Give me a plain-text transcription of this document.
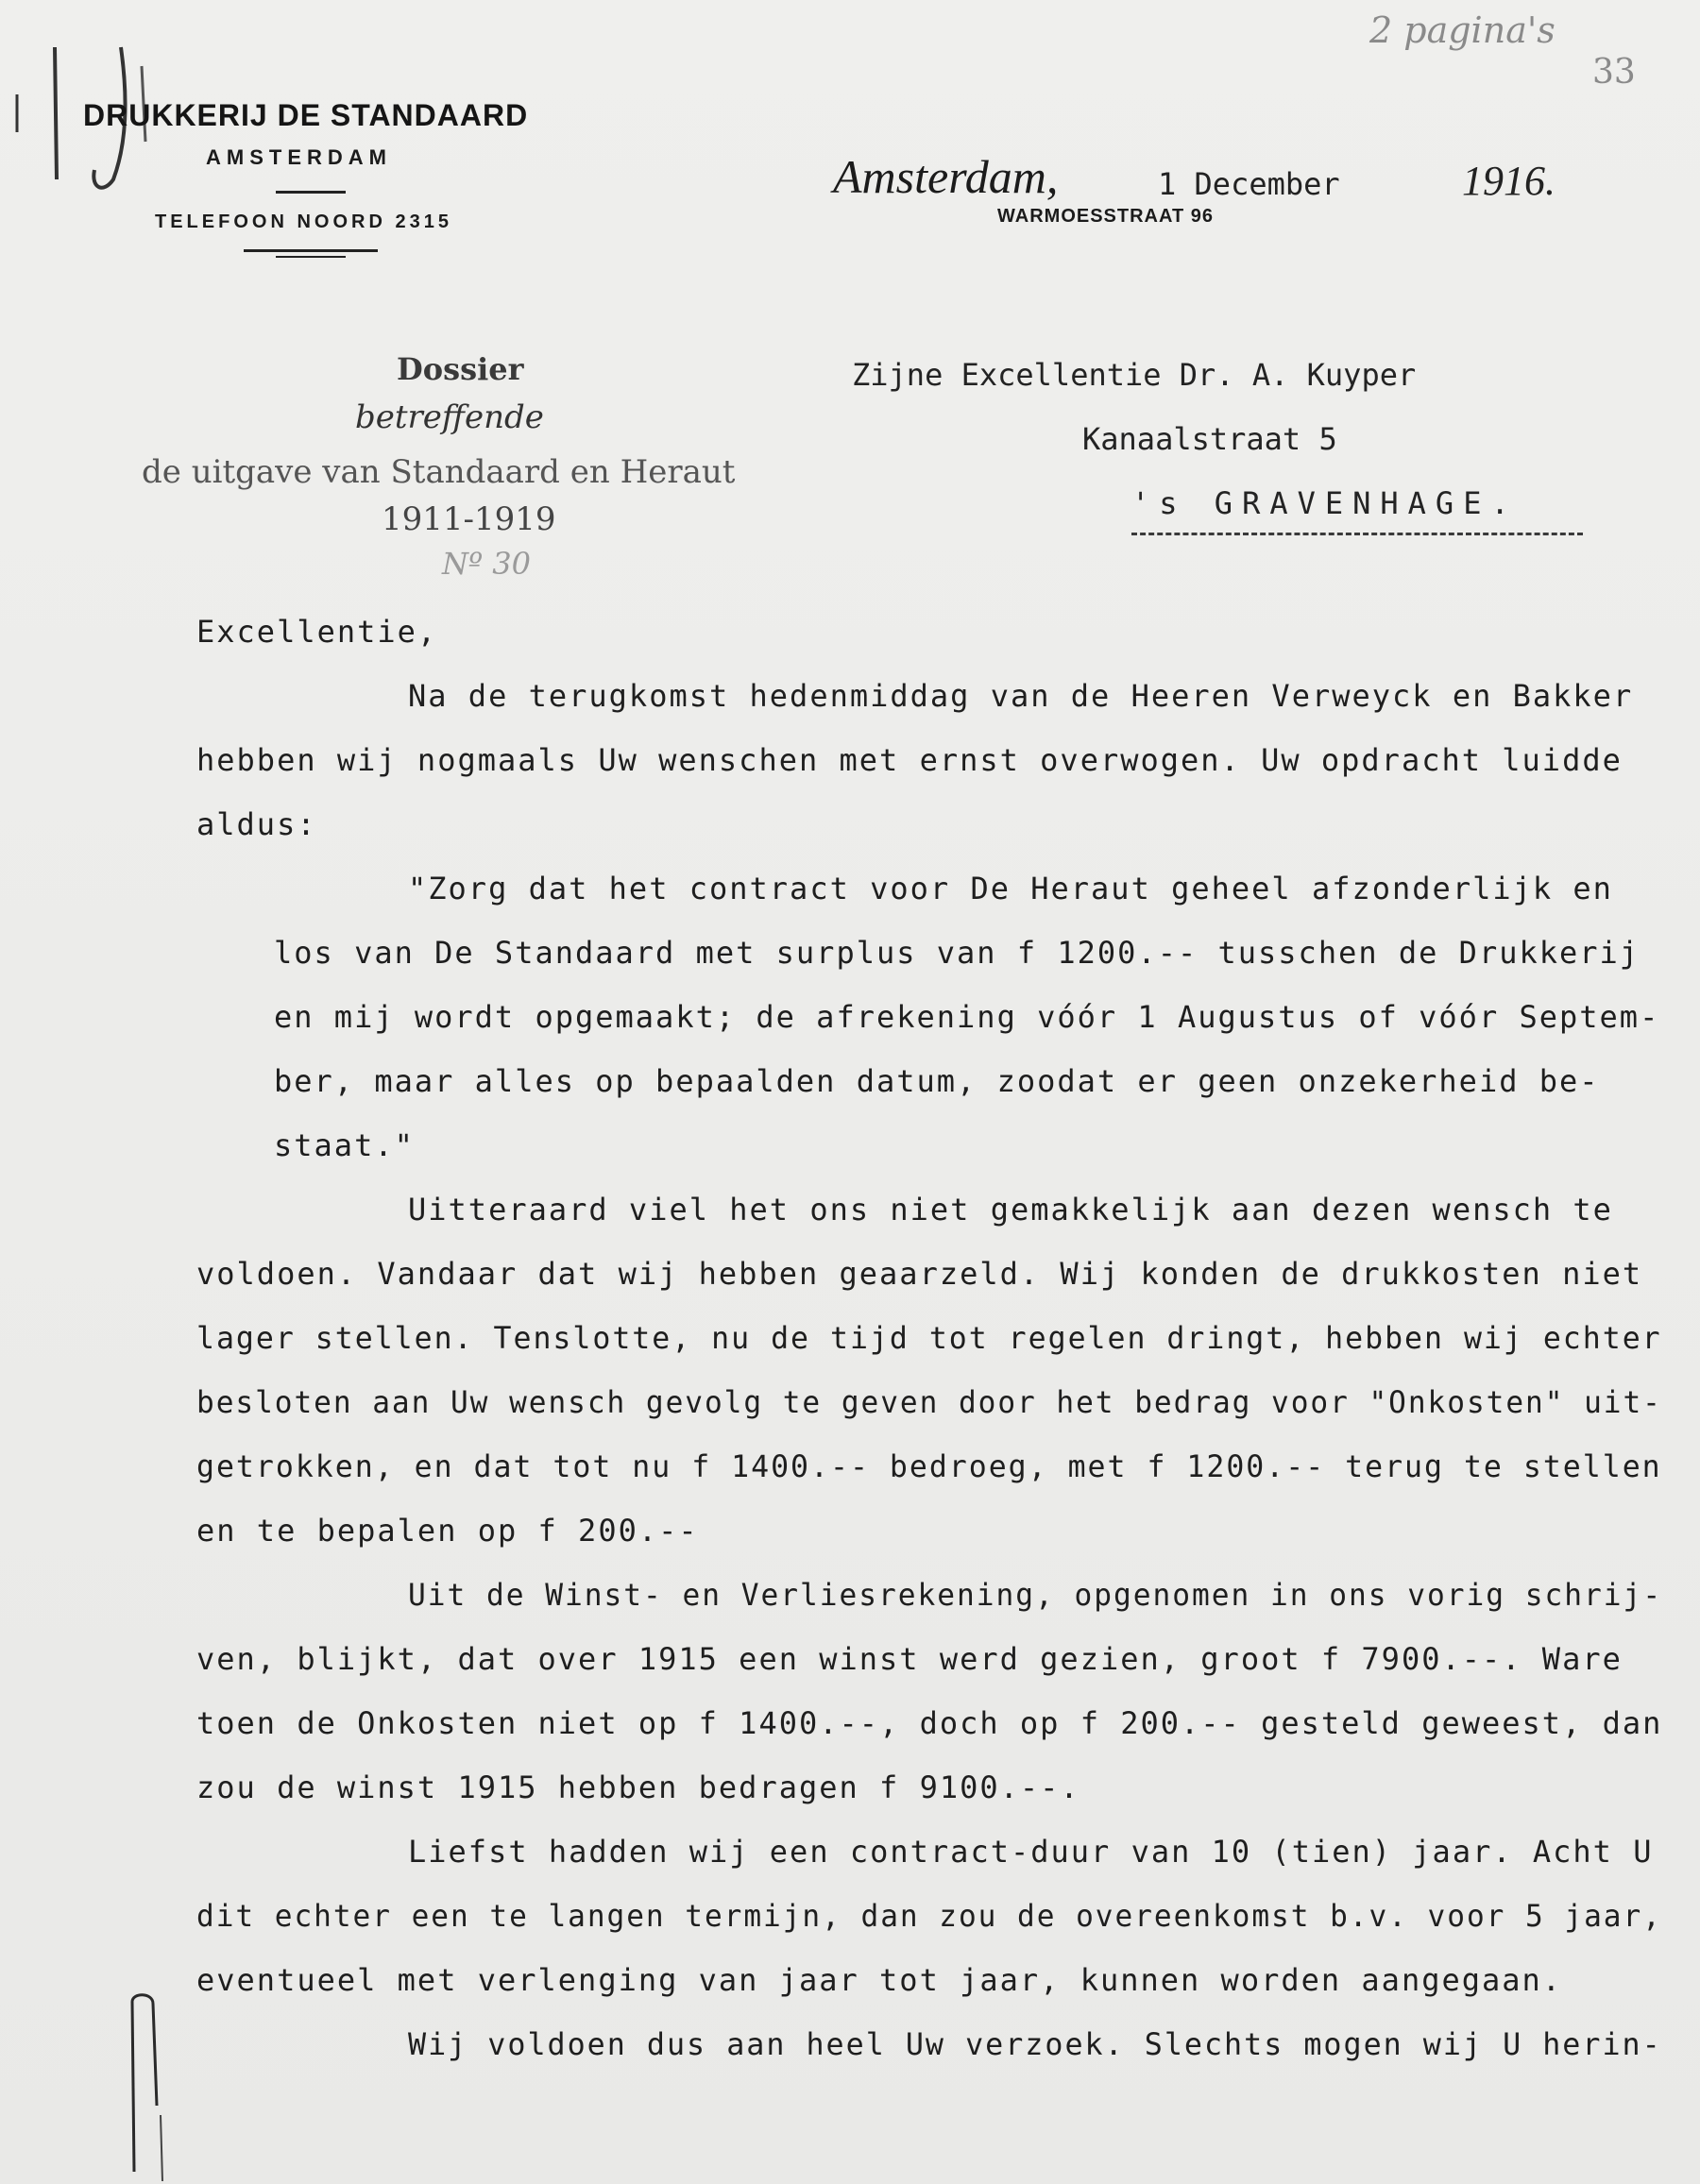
DRUKKERIJ DE STANDAARD
AMSTERDAM
TELEFOON NOORD 2315
Amsterdam,	1 December	1916.
WARMOESSTRAAT 96
2 pagina's
33
Nº 30
Dossier
betreffende
de uitgave van Standaard en Heraut
1911-1919
Zijne Excellentie Dr. A. Kuyper
Kanaalstraat 5
's GRAVENHAGE.
Excellentie,
Na de terugkomst hedenmiddag van de Heeren Verweyck en Bakker
hebben wij nogmaals Uw wenschen met ernst overwogen. Uw opdracht luidde
aldus:
"Zorg dat het contract voor De Heraut geheel afzonderlijk en
los van De Standaard met surplus van f 1200.-- tusschen de Drukkerij
en mij wordt opgemaakt; de afrekening vóór 1 Augustus of vóór Septem-
ber, maar alles op bepaalden datum, zoodat er geen onzekerheid be-
staat."
Uitteraard viel het ons niet gemakkelijk aan dezen wensch te
voldoen. Vandaar dat wij hebben geaarzeld. Wij konden de drukkosten niet
lager stellen. Tenslotte, nu de tijd tot regelen dringt, hebben wij echter
besloten aan Uw wensch gevolg te geven door het bedrag voor "Onkosten" uit-
getrokken, en dat tot nu f 1400.-- bedroeg, met f 1200.-- terug te stellen
en te bepalen op f 200.--
Uit de Winst- en Verliesrekening, opgenomen in ons vorig schrij-
ven, blijkt, dat over 1915 een winst werd gezien, groot f 7900.--. Ware
toen de Onkosten niet op f 1400.--, doch op f 200.-- gesteld geweest, dan
zou de winst 1915 hebben bedragen f 9100.--.
Liefst hadden wij een contract-duur van 10 (tien) jaar. Acht U
dit echter een te langen termijn, dan zou de overeenkomst b.v. voor 5 jaar,
eventueel met verlenging van jaar tot jaar, kunnen worden aangegaan.
Wij voldoen dus aan heel Uw verzoek. Slechts mogen wij U herin-
